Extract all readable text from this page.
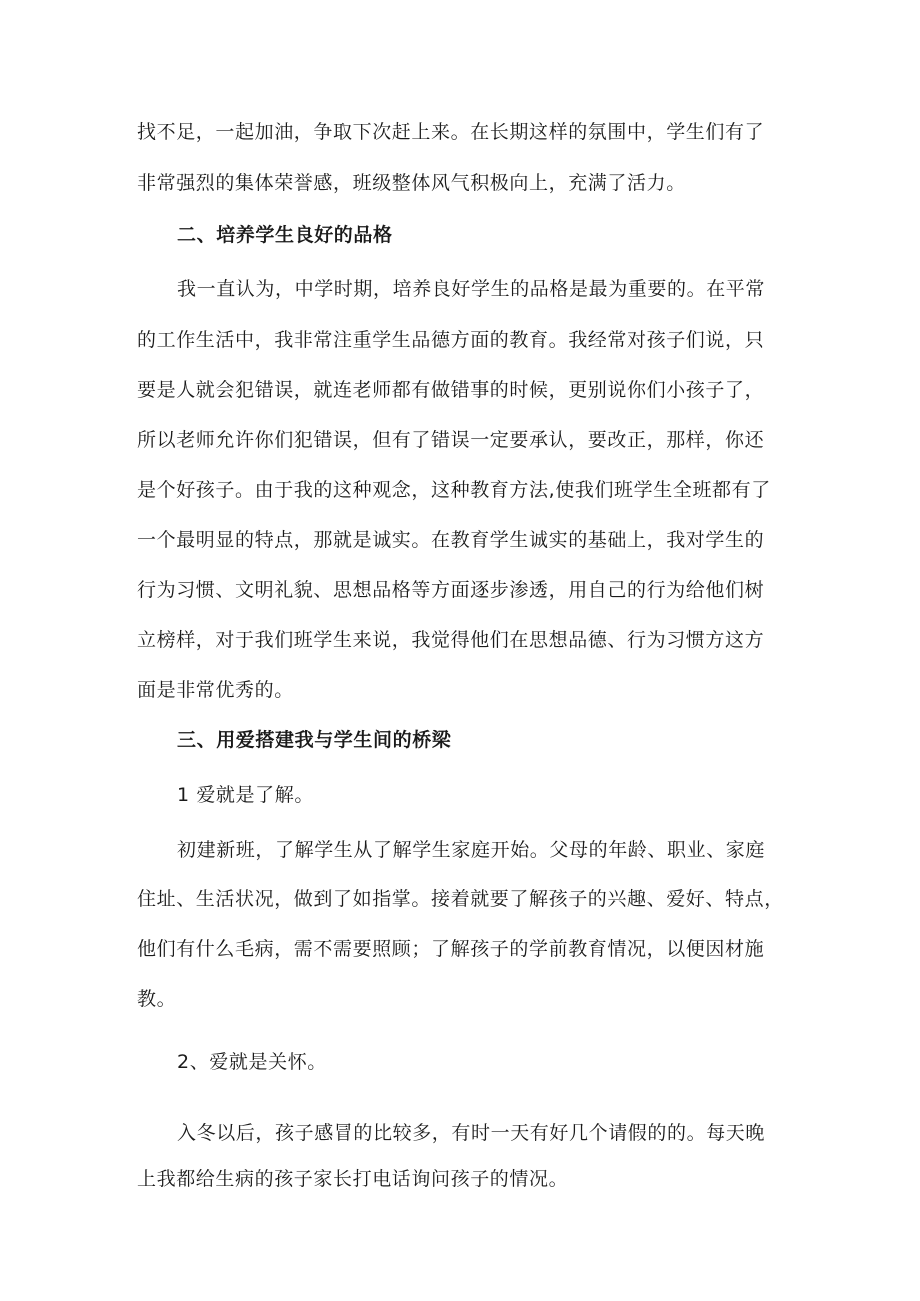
找不足，一起加油，争取下次赶上来。在长期这样的氛围中，学生们有了
非常强烈的集体荣誉感，班级整体风气积极向上，充满了活力。
二、培养学生良好的品格
我一直认为，中学时期，培养良好学生的品格是最为重要的。在平常
的工作生活中，我非常注重学生品德方面的教育。我经常对孩子们说，只
要是人就会犯错误，就连老师都有做错事的时候，更别说你们小孩子了，
所以老师允许你们犯错误，但有了错误一定要承认，要改正，那样，你还
是个好孩子。由于我的这种观念，这种教育方法,使我们班学生全班都有了
一个最明显的特点，那就是诚实。在教育学生诚实的基础上，我对学生的
行为习惯、文明礼貌、思想品格等方面逐步渗透，用自己的行为给他们树
立榜样，对于我们班学生来说，我觉得他们在思想品德、行为习惯方这方
面是非常优秀的。
三、用爱搭建我与学生间的桥梁
1 爱就是了解。
初建新班，了解学生从了解学生家庭开始。父母的年龄、职业、家庭
住址、生活状况，做到了如指掌。接着就要了解孩子的兴趣、爱好、特点，
他们有什么毛病，需不需要照顾；了解孩子的学前教育情况，以便因材施
教。
2、爱就是关怀。
入冬以后，孩子感冒的比较多，有时一天有好几个请假的的。每天晚
上我都给生病的孩子家长打电话询问孩子的情况。
